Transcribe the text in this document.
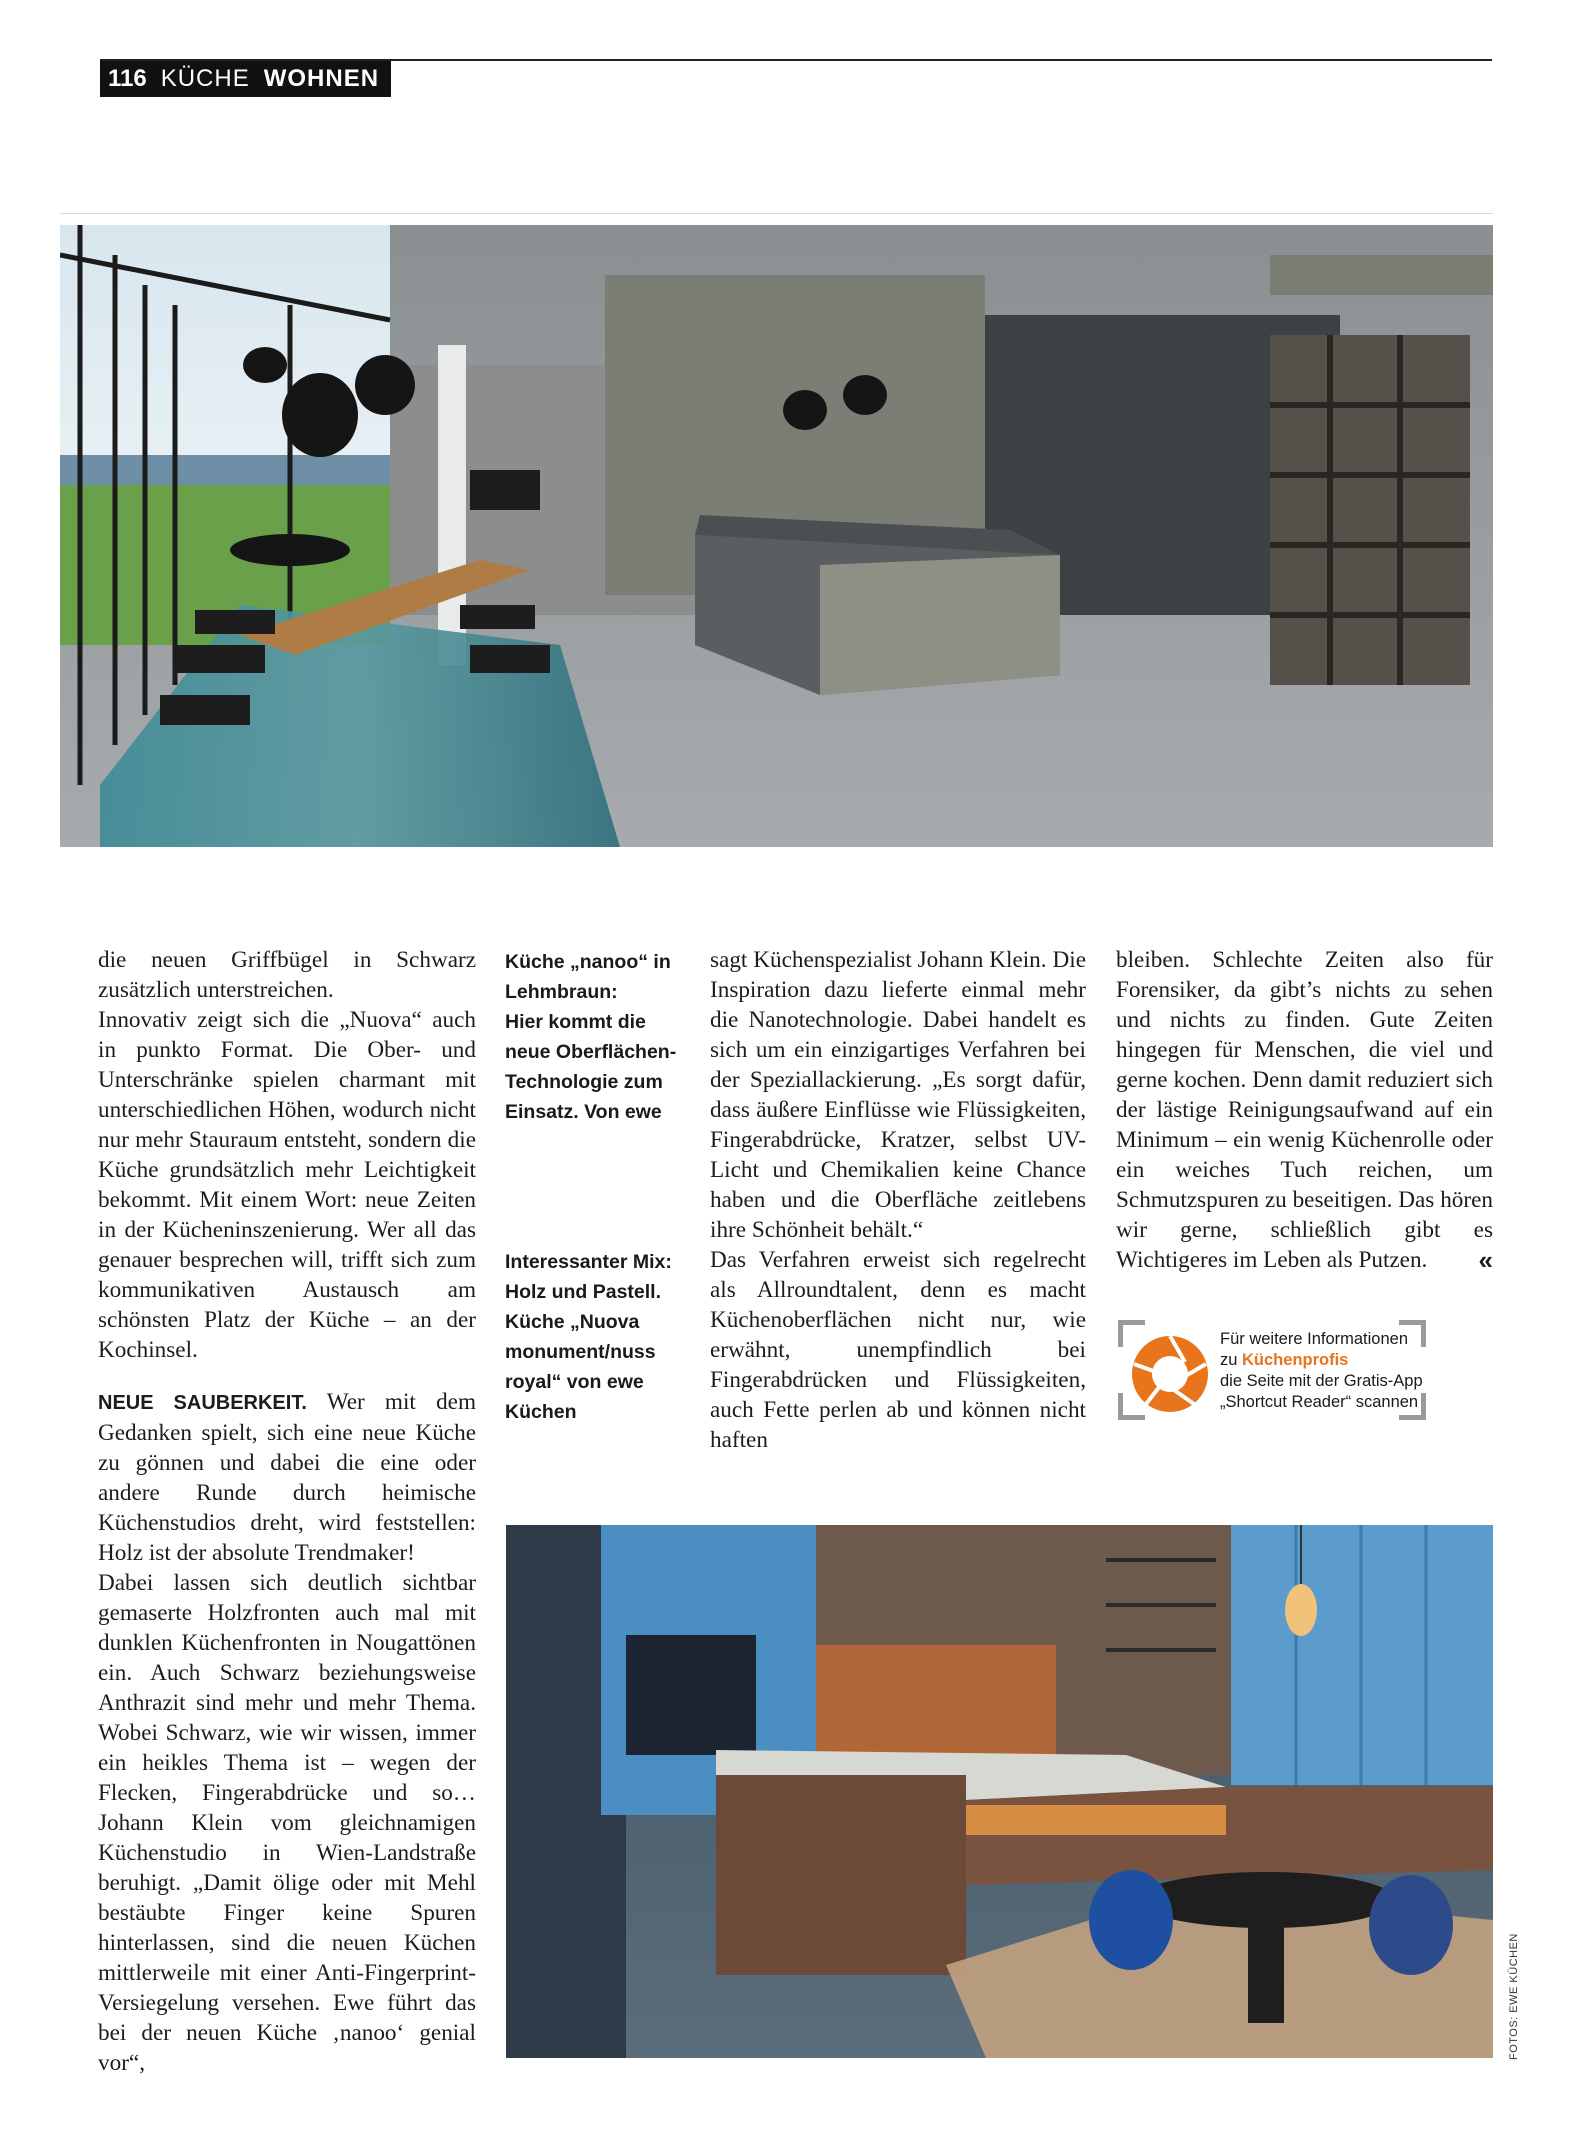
116 KÜCHE WOHNEN

die neuen Griffbügel in Schwarz zusätzlich unterstreichen.

Innovativ zeigt sich die „Nuova“ auch in punkto Format. Die Ober- und Unterschränke spielen charmant mit unterschiedlichen Höhen, wodurch nicht nur mehr Stauraum entsteht, sondern die Küche grundsätzlich mehr Leichtigkeit bekommt. Mit einem Wort: neue Zeiten in der Kücheninszenierung. Wer all das genauer besprechen will, trifft sich zum kommunikativen Austausch am schönsten Platz der Küche – an der Kochinsel.

NEUE SAUBERKEIT. Wer mit dem Gedanken spielt, sich eine neue Küche zu gönnen und dabei die eine oder andere Runde durch heimische Küchenstudios dreht, wird feststellen: Holz ist der absolute Trendmaker!

Dabei lassen sich deutlich sichtbar gemaserte Holzfronten auch mal mit dunklen Küchenfronten in Nougattönen ein. Auch Schwarz beziehungsweise Anthrazit sind mehr und mehr Thema. Wobei Schwarz, wie wir wissen, immer ein heikles Thema ist – wegen der Flecken, Fingerabdrücke und so… Johann Klein vom gleichnamigen Küchenstudio in Wien-Landstraße beruhigt. „Damit ölige oder mit Mehl bestäubte Finger keine Spuren hinterlassen, sind die neuen Küchen mittlerweile mit einer Anti-Fingerprint-Versiegelung versehen. Ewe führt das bei der neuen Küche ‚nanoo‘ genial vor“,

Küche „nanoo“ in Lehmbraun:
Hier kommt die neue Oberflächen-Technologie zum Einsatz. Von ewe
Interessanter Mix: Holz und Pastell.
Küche „Nuova monument/nuss royal“ von ewe Küchen

sagt Küchenspezialist Johann Klein. Die Inspiration dazu lieferte einmal mehr die Nanotechnologie. Dabei handelt es sich um ein einzigartiges Verfahren bei der Speziallackierung. „Es sorgt dafür, dass äußere Einflüsse wie Flüssigkeiten, Fingerabdrücke, Kratzer, selbst UV-Licht und Chemikalien keine Chance haben und die Oberfläche zeitlebens ihre Schönheit behält.“

Das Verfahren erweist sich regelrecht als Allroundtalent, denn es macht Küchenoberflächen nicht nur, wie erwähnt, unempfindlich bei Fingerabdrücken und Flüssigkeiten, auch Fette perlen ab und können nicht haften

bleiben. Schlechte Zeiten also für Forensiker, da gibt’s nichts zu sehen und nichts zu finden. Gute Zeiten hingegen für Menschen, die viel und gerne kochen. Denn damit reduziert sich der lästige Reinigungsaufwand auf ein Minimum – ein wenig Küchenrolle oder ein weiches Tuch reichen, um Schmutzspuren zu beseitigen. Das hören wir gerne, schließlich gibt es Wichtigeres im Leben als Putzen. «

Für weitere Informationen
zu Küchenprofis
die Seite mit der Gratis-App
„Shortcut Reader“ scannen
FOTOS: EWE KÜCHEN
